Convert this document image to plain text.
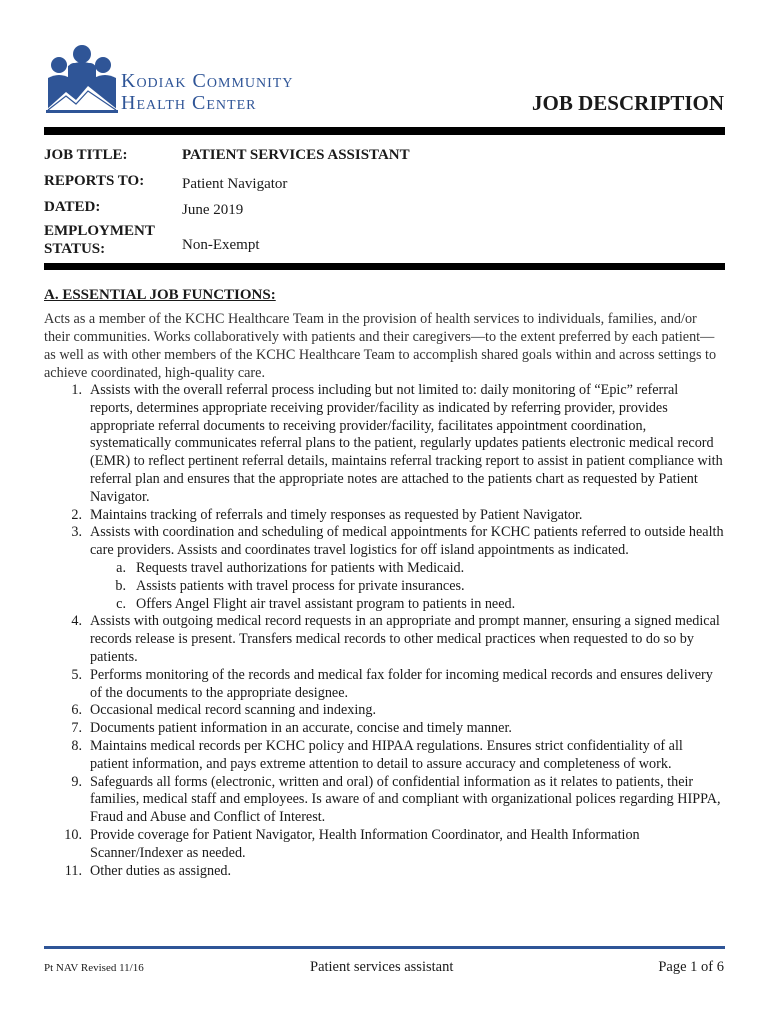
Kodiak Community
Health Center	JOB DESCRIPTION
JOB TITLE:	PATIENT SERVICES ASSISTANT
REPORTS TO:	Patient Navigator
DATED:	June 2019
EMPLOYMENT
STATUS:	Non-Exempt
A. ESSENTIAL JOB FUNCTIONS:

Acts as a member of the KCHC Healthcare Team in the provision of health services to individuals, families, and/or their communities. Works collaboratively with patients and their caregivers—to the extent preferred by each patient—as well as with other members of the KCHC Healthcare Team to accomplish shared goals within and across settings to achieve coordinated, high-quality care.

1. Assists with the overall referral process including but not limited to: daily monitoring of “Epic” referral reports, determines appropriate receiving provider/facility as indicated by referring provider, provides appropriate referral documents to receiving provider/facility, facilitates appointment coordination, systematically communicates referral plans to the patient, regularly updates patients electronic medical record (EMR) to reflect pertinent referral details, maintains referral tracking report to assist in patient compliance with referral plan and ensures that the appropriate notes are attached to the patients chart as requested by Patient Navigator.
2. Maintains tracking of referrals and timely responses as requested by Patient Navigator.
3. Assists with coordination and scheduling of medical appointments for KCHC patients referred to outside health care providers. Assists and coordinates travel logistics for off island appointments as indicated.
a. Requests travel authorizations for patients with Medicaid.
b. Assists patients with travel process for private insurances.
c. Offers Angel Flight air travel assistant program to patients in need.
4. Assists with outgoing medical record requests in an appropriate and prompt manner, ensuring a signed medical records release is present. Transfers medical records to other medical practices when requested to do so by patients.
5. Performs monitoring of the records and medical fax folder for incoming medical records and ensures delivery of the documents to the appropriate designee.
6. Occasional medical record scanning and indexing.
7. Documents patient information in an accurate, concise and timely manner.
8. Maintains medical records per KCHC policy and HIPAA regulations. Ensures strict confidentiality of all patient information, and pays extreme attention to detail to assure accuracy and completeness of work.
9. Safeguards all forms (electronic, written and oral) of confidential information as it relates to patients, their families, medical staff and employees. Is aware of and compliant with organizational polices regarding HIPPA, Fraud and Abuse and Conflict of Interest.
10. Provide coverage for Patient Navigator, Health Information Coordinator, and Health Information Scanner/Indexer as needed.
11. Other duties as assigned.
Pt NAV Revised 11/16	Patient services assistant	Page 1 of 6
